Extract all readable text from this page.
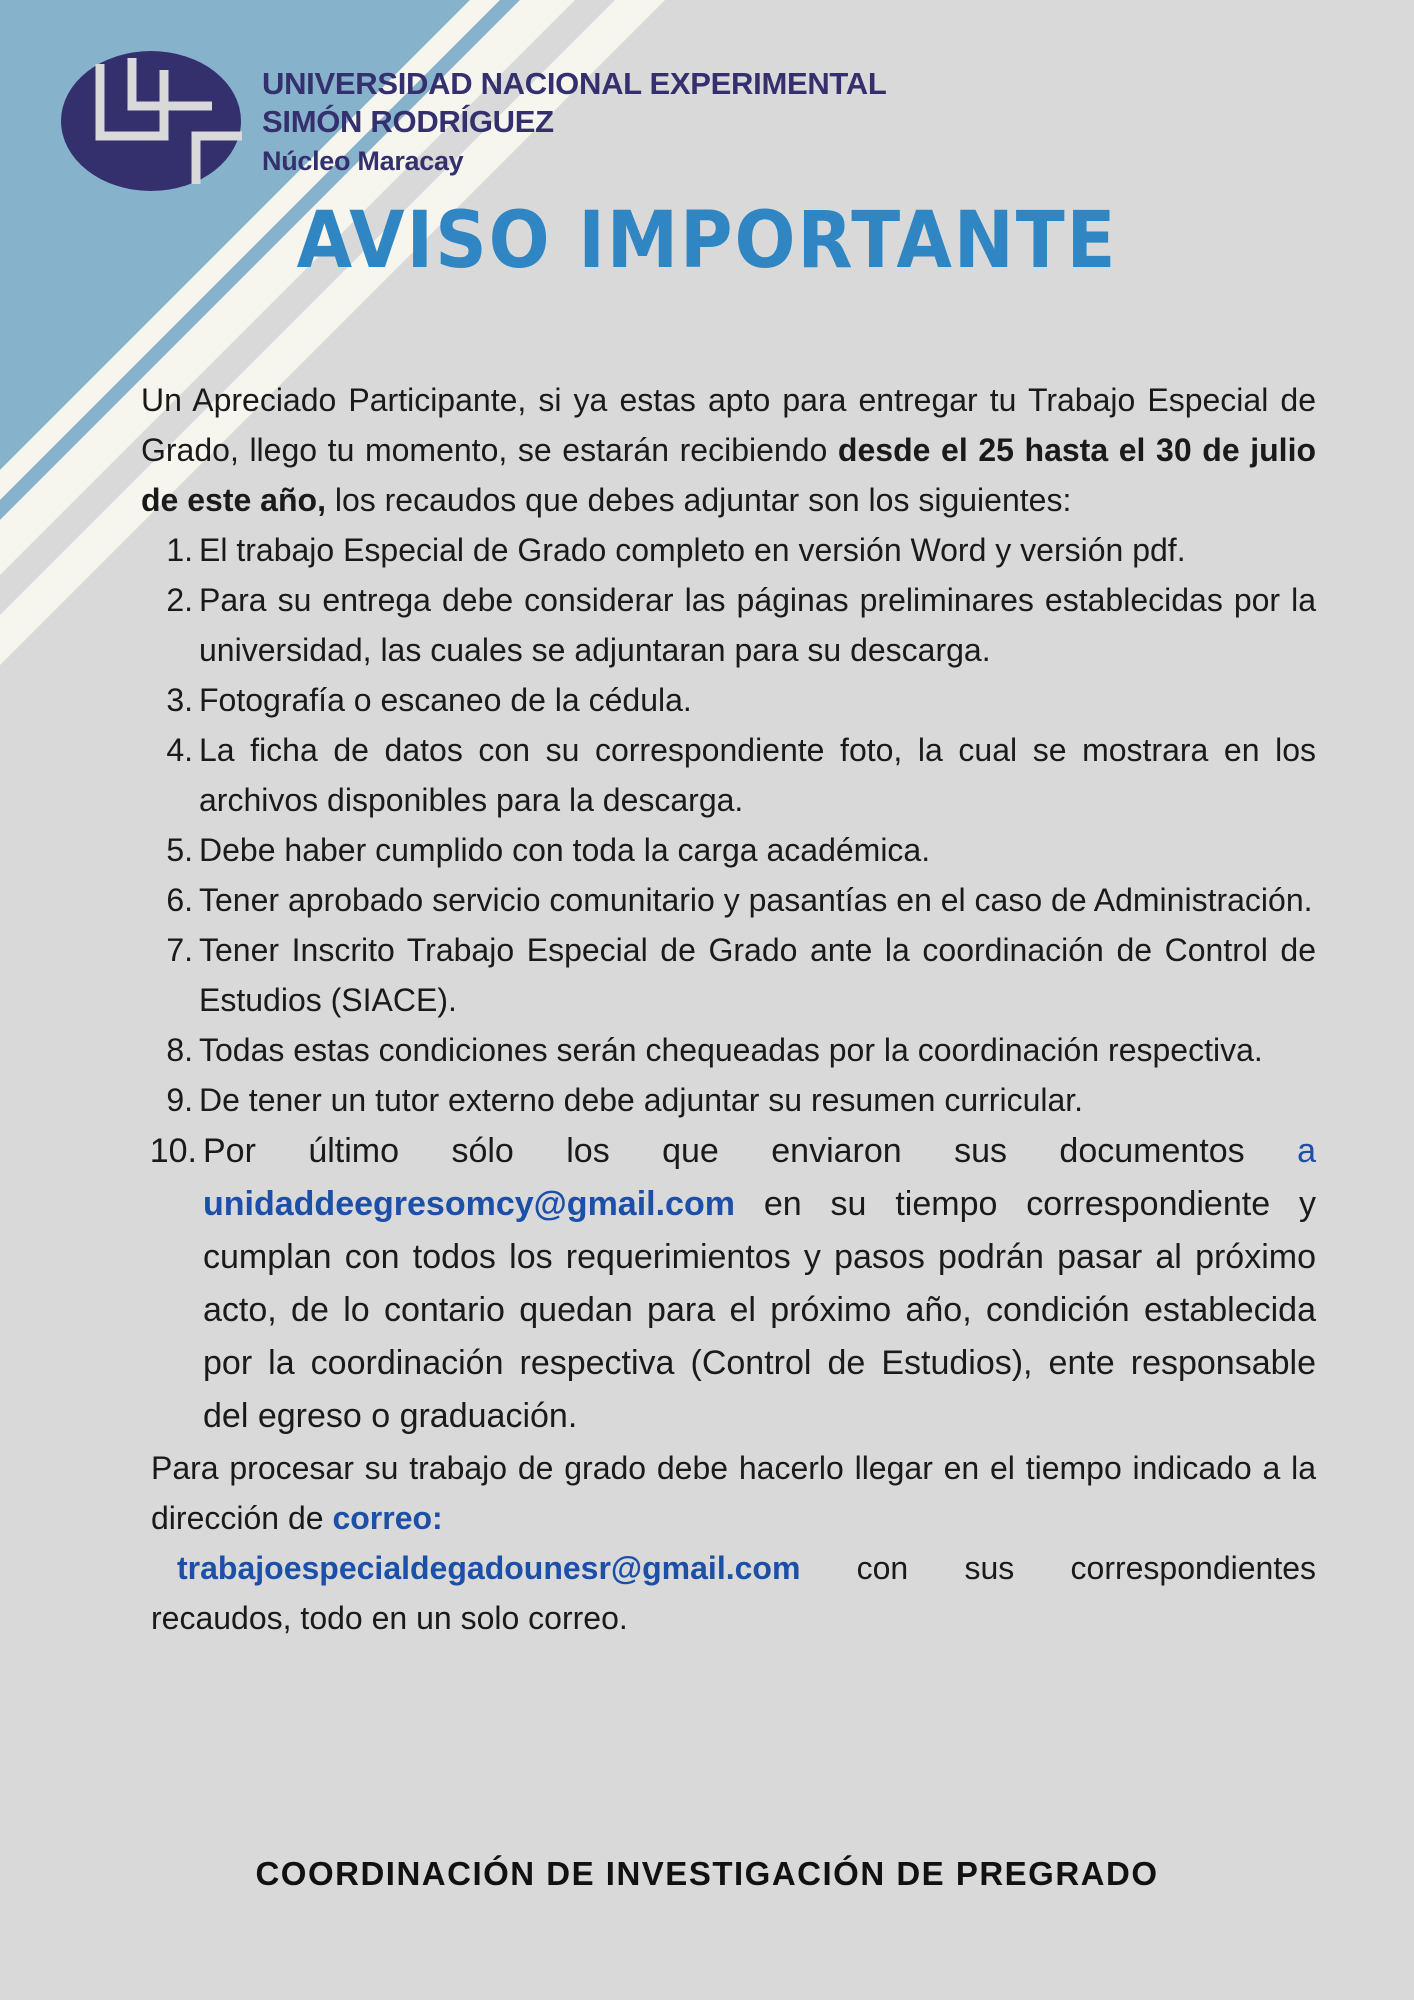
UNIVERSIDAD NACIONAL EXPERIMENTAL
SIMÓN RODRÍGUEZ
Núcleo Maracay
AVISO IMPORTANTE

Un Apreciado Participante, si ya estas apto para entregar tu Trabajo Especial de Grado, llego tu momento, se estarán recibiendo desde el 25 hasta el 30 de julio de este año, los recaudos que debes adjuntar son los siguientes:

1. El trabajo Especial de Grado completo en versión Word y versión pdf.
2. Para su entrega debe considerar las páginas preliminares establecidas por la universidad, las cuales se adjuntaran para su descarga.
3. Fotografía o escaneo de la cédula.
4. La ficha de datos con su correspondiente foto, la cual se mostrara en los archivos disponibles para la descarga.
5. Debe haber cumplido con toda la carga académica.
6. Tener aprobado servicio comunitario y pasantías en el caso de Administración.
7. Tener Inscrito Trabajo Especial de Grado ante la coordinación de Control de Estudios (SIACE).
8. Todas estas condiciones serán chequeadas por la coordinación respectiva.
9. De tener un tutor externo debe adjuntar su resumen curricular.
10. Por último sólo los que enviaron sus documentos a unidaddeegresomcy@gmail.com en su tiempo correspondiente y cumplan con todos los requerimientos y pasos podrán pasar al próximo acto, de lo contario quedan para el próximo año, condición establecida por la coordinación respectiva (Control de Estudios), ente responsable del egreso o graduación.

Para procesar su trabajo de grado debe hacerlo llegar en el tiempo indicado a la dirección de correo:
trabajoespecialdegadounesr@gmail.com con sus correspondientes recaudos, todo en un solo correo.

COORDINACIÓN DE INVESTIGACIÓN DE PREGRADO
